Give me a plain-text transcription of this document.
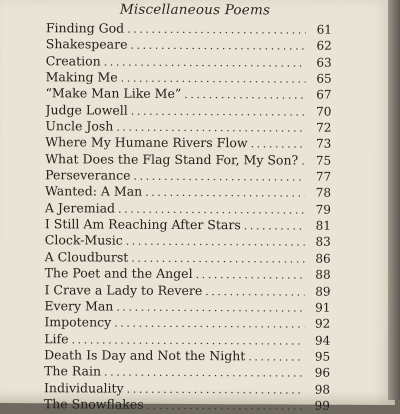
Miscellaneous Poems
Finding God .....	61
Shakespeare .....	62
Creation .....	63
Making Me .....	65
“Make Man Like Me” .....	67
Judge Lowell .....	70
Uncle Josh .....	72
Where My Humane Rivers Flow .....	73
What Does the Flag Stand For, My Son? .....	75
Perseverance .....	77
Wanted: A Man .....	78
A Jeremiad .....	79
I Still Am Reaching After Stars .....	81
Clock-Music .....	83
A Cloudburst .....	86
The Poet and the Angel .....	88
I Crave a Lady to Revere .....	89
Every Man .....	91
Impotency .....	92
Life .....	94
Death Is Day and Not the Night .....	95
The Rain .....	96
Individuality .....	98
The Snowflakes .....	99
